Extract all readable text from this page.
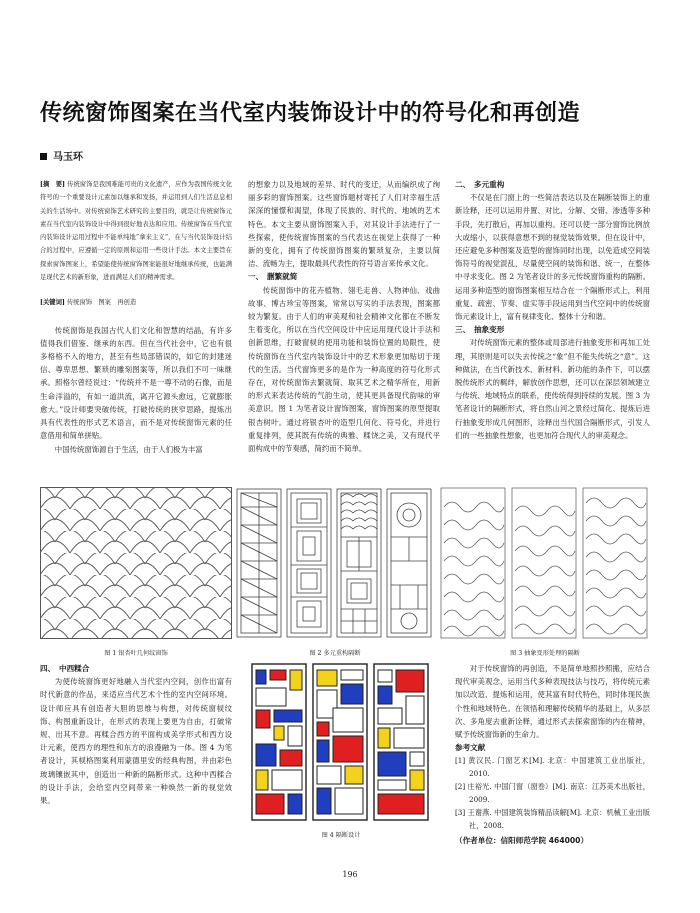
传统窗饰图案在当代室内装饰设计中的符号化和再创造
马玉环
[摘　要] 传统窗饰是我国难能可贵的文化遗产，应作为我国传统文化符号的一个重要设计元素加以继承和发扬，并运用到人们生活息息相关的生活场中。对传统窗饰艺术研究的主要目的，就是让传统窗饰元素在当代室内装饰设计中得到很好地表达和应用。传统窗饰在当代室内装饰设计运用过程中不能单纯地“拿来主义”，在与当代装饰设计结合的过程中，应遵循一定的原则和运用一些设计手法。本文主要旨在探索窗饰图案上，希望能使传统窗饰图案能很好地继承传统，也能满足现代艺术的新形象，进而满足人们的精神需求。
[关键词] 传统窗饰　图案　再创造

传统窗饰是我国古代人们文化和智慧的结晶，有许多值得我们借鉴、继承的东西。但在当代社会中，它也有很多格格不入的地方，甚至有些局部错误的，如它的封建迷信、尊卑思想、繁琐的雕刻图案等，所以我们不可一味继承。照格尔曾经说过：“传统并不是一尊不动的石像，而是生命洋溢的，有如一道洪流，离开它源头愈远，它就膨胀愈大。”设计师要突破传统，打破传统的狭窄思路，提炼出具有代表性的形式艺术语言，而不是对传统窗饰元素的任意借用和简单拼贴。

中国传统窗饰源自于生活，由于人们极为丰富

的想象力以及地域的差异、时代的变迁，从而编织成了绚丽多彩的窗饰图案。这些窗饰题材寄托了人们对幸福生活深深的憧憬和渴望，体现了民族的、时代的、地域的艺术特色。本文主要从窗饰图案入手，对其设计手法进行了一些探索，使传统窗饰图案的当代表达在视觉上获得了一种新的变化，拥有了传统窗饰图案的繁琐复杂，主要以简洁、流畅为主，提取最具代表性的符号语言来传承文化。

一、　删繁就简

传统窗饰中的花卉植物、翎毛走兽、人物神仙、戏曲故事、博古珍宝等图案，常常以写实的手法表现，图案都较为繁复。由于人们的审美观和社会精神文化都在不断发生着变化，所以在当代空间设计中应运用现代设计手法和创新思维，打破窗棂的使用功能和装饰位置的局限性，使传统窗饰在当代室内装饰设计中的艺术形象更加贴切于现代的生活。当代窗饰更多的是作为一种高度的符号化形式存在，对传统窗饰去繁就简、取其艺术之精华所在，用新的形式来表达传统的气韵生动，使其更具备现代韵味的审美意识。图 1 为笔者设计窗饰图案，窗饰图案的原型提取银杏树叶。通过将银杏叶的造型几何化、符号化，并进行重复排列，使其既有传统的典雅、糅饶之美，又有现代平面构成中的节奏感，简约而不简单。

二、　多元重构

不仅是在门窗上的一些简洁表达以及在隔断装饰上的重新诠释，还可以运用并置、对比、分解、交错、渗透等多种手段，先打散后，再加以重构。还可以使一部分窗饰比例放大或缩小，以获得意想不到的视觉装饰效果。但在设计中，还应避免多种图案及造型的窗饰同时出现，以免造成空间装饰符号的视觉混乱，尽量使空间的装饰和谐、统一，在整体中寻求变化。图 2 为笔者设计的多元传统窗饰重构的隔断。运用多种造型的窗饰图案相互结合在一个隔断形式上，利用重复、疏密、节奏、虚实等手段运用到当代空间中的传统窗饰元素设计上，富有视律变化、整体十分和谐。

三、　抽象变形

对传统窗饰元素的整体或局部进行抽象变形和再加工处理，其原则是可以失去传统之“象”但不能失传统之“意”。这种做法，在当代新技术、新材料、新功能的条件下，可以摆脱传统形式的羁绊，解放创作思想，还可以在深层领域建立与传统、地域特点的联系，使传统得到持续的发展。图 3 为笔者设计的隔断形式，将自然山河之景经过简化、提炼后进行抽象变形成几何图形，诠释出当代国合隔断形式，引发人们的一些抽象性想象，也更加符合现代人的审美观念。

图 1 银杏叶几何纹窗饰	图 2 多元重构隔断	图 3 抽象变形处理的隔断
四、　中西糅合

为使传统窗饰更好地融入当代室内空间，创作出富有时代新意的作品，来适应当代艺术个性的室内空间环境。设计师应具有创造者大胆的思维与构想，对传统窗棂纹饰、构图重新设计，在形式的表现上要更为自由，打破常规、出其不意。再糅合西方的平面构成美学形式和西方设计元素，使西方的理性和东方的浪漫融为一体。图 4 为笔者设计，其棂格图案利用蒙德里安的经典构图，并由彩色玻璃镶嵌其中，创造出一种新的隔断形式。这种中西糅合的设计手法，会给室内空间带来一种焕然一新的视觉效果。

图 4 隔断设计

对于传统窗饰的再创造，不是简单地照抄照搬，应结合现代审美观念，运用当代多种表现技法与技巧，将传统元素加以改造、提炼和运用，使其富有时代特色，同时体现民族个性和地域特色。在领悟和理解传统精华的基础上，从多层次、多角度去重新诠释，通过形式去探索窗饰的内在精神，赋予传统窗饰新的生命力。

参考文献
[1] 黄汉民. 门窗艺术[M]. 北京：中国建筑工业出版社，2010.
[2] 庄裕光. 中国门窗（窗卷）[M]. 南京：江苏美术出版社，2009.
[3] 王谢燕. 中国建筑装饰精品读解[M]. 北京：机械工业出版社，2008.
（作者单位：信阳师范学院 464000）
196
